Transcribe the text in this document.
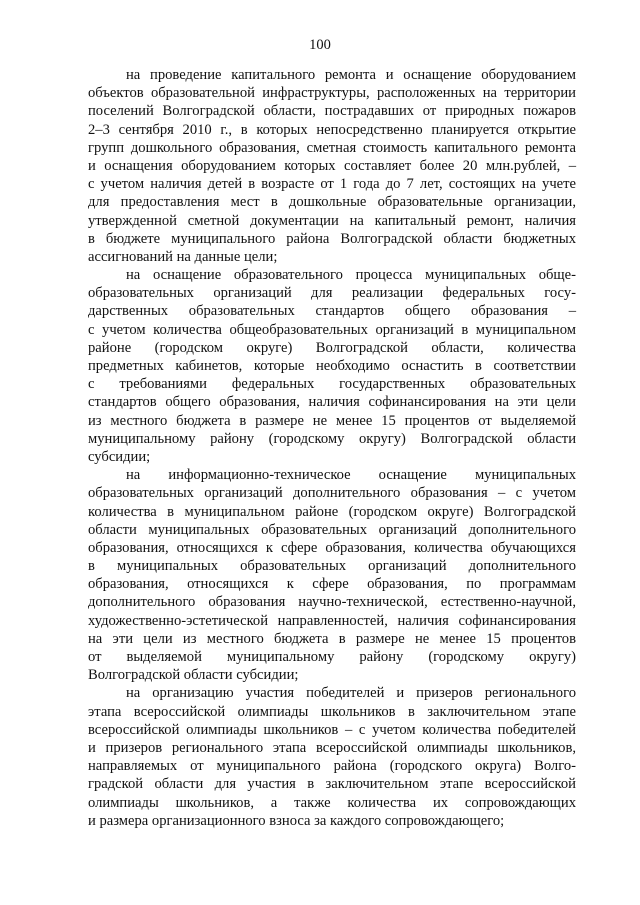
100
на проведение капитального ремонта и оснащение оборудованием
объектов образовательной инфраструктуры, расположенных на территории
поселений Волгоградской области, пострадавших от природных пожаров
2–3 сентября 2010 г., в которых непосредственно планируется открытие
групп дошкольного образования, сметная стоимость капитального ремонта
и оснащения оборудованием которых составляет более 20 млн.рублей, –
с учетом наличия детей в возрасте от 1 года до 7 лет, состоящих на учете
для предоставления мест в дошкольные образовательные организации,
утвержденной сметной документации на капитальный ремонт, наличия
в бюджете муниципального района Волгоградской области бюджетных
ассигнований на данные цели;
на оснащение образовательного процесса муниципальных обще-
образовательных организаций для реализации федеральных госу-
дарственных образовательных стандартов общего образования –
с учетом количества общеобразовательных организаций в муниципальном
районе (городском округе) Волгоградской области, количества
предметных кабинетов, которые необходимо оснастить в соответствии
с требованиями федеральных государственных образовательных
стандартов общего образования, наличия софинансирования на эти цели
из местного бюджета в размере не менее 15 процентов от выделяемой
муниципальному району (городскому округу) Волгоградской области
субсидии;
на информационно-техническое оснащение муниципальных
образовательных организаций дополнительного образования – с учетом
количества в муниципальном районе (городском округе) Волгоградской
области муниципальных образовательных организаций дополнительного
образования, относящихся к сфере образования, количества обучающихся
в муниципальных образовательных организаций дополнительного
образования, относящихся к сфере образования, по программам
дополнительного образования научно-технической, естественно-научной,
художественно-эстетической направленностей, наличия софинансирования
на эти цели из местного бюджета в размере не менее 15 процентов
от выделяемой муниципальному району (городскому округу)
Волгоградской области субсидии;
на организацию участия победителей и призеров регионального
этапа всероссийской олимпиады школьников в заключительном этапе
всероссийской олимпиады школьников – с учетом количества победителей
и призеров регионального этапа всероссийской олимпиады школьников,
направляемых от муниципального района (городского округа) Волго-
градской области для участия в заключительном этапе всероссийской
олимпиады школьников, а также количества их сопровождающих
и размера организационного взноса за каждого сопровождающего;
